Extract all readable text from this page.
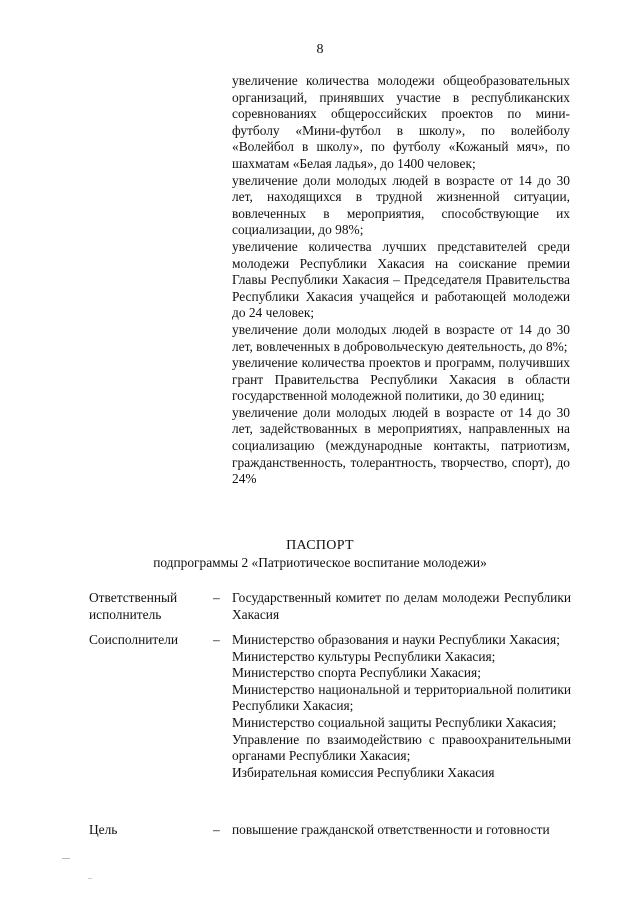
8

увеличение количества молодежи общеобразовательных организаций, принявших участие в республиканских соревнованиях общероссийских проектов по мини-футболу «Мини-футбол в школу», по волейболу «Волейбол в школу», по футболу «Кожаный мяч», по шахматам «Белая ладья», до 1400 человек;

увеличение доли молодых людей в возрасте от 14 до 30 лет, находящихся в трудной жизненной ситуации, вовлеченных в мероприятия, способствующие их социализации, до 98%;

увеличение количества лучших представителей среди молодежи Республики Хакасия на соискание премии Главы Республики Хакасия – Председателя Правительства Республики Хакасия учащейся и работающей молодежи до 24 человек;

увеличение доли молодых людей в возрасте от 14 до 30 лет, вовлеченных в добровольческую деятельность, до 8%;

увеличение количества проектов и программ, получивших грант Правительства Республики Хакасия в области государственной молодежной политики, до 30 единиц;

увеличение доли молодых людей в возрасте от 14 до 30 лет, задействованных в мероприятиях, направленных на социализацию (международные контакты, патриотизм, гражданственность, толерантность, творчество, спорт), до 24%

ПАСПОРТ
подпрограммы 2 «Патриотическое воспитание молодежи»
Ответственный исполнитель
– Государственный комитет по делам молодежи Республики Хакасия

Соисполнители	– Министерство образования и науки Республики Хакасия;

Министерство культуры Республики Хакасия;

Министерство спорта Республики Хакасия;

Министерство национальной и территориальной политики Республики Хакасия;

Министерство социальной защиты Республики Хакасия;

Управление по взаимодействию с правоохранительными органами Республики Хакасия;

Избирательная комиссия Республики Хакасия

Цель	– повышение гражданской ответственности и готовности
